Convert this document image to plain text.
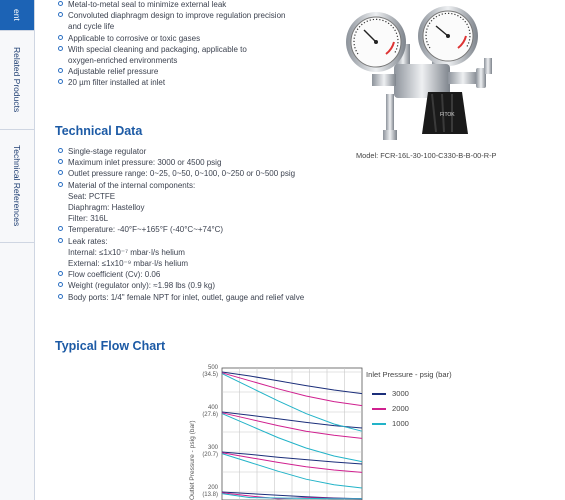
ent
Related Products
Technical References
Metal-to-metal seal to minimize external leak
Convoluted diaphragm design to improve regulation precision
and cycle life
Applicable to corrosive or toxic gases
With special cleaning and packaging, applicable to
oxygen-enriched environments
Adjustable relief pressure
20 µm filter installed at inlet
FITOK
Model: FCR-16L-30-100-C330-B-B-00-R-P
Technical Data
Single-stage regulator
Maximum inlet pressure: 3000 or 4500 psig
Outlet pressure range: 0~25, 0~50, 0~100, 0~250 or 0~500 psig
Material of the internal components:
Seat: PCTFE
Diaphragm: Hastelloy
Filter: 316L
Temperature: -40°F~+165°F (-40°C~+74°C)
Leak rates:
Internal: ≤1x10⁻⁷ mbar·l/s helium
External: ≤1x10⁻⁹ mbar·l/s helium
Flow coefficient (Cv): 0.06
Weight (regulator only): ≈1.98 lbs (0.9 kg)
Body ports: 1/4" female NPT for inlet, outlet, gauge and relief valve
Typical Flow Chart
500
(34.5)
400
(27.6)
300
(20.7)
200
(13.8)
Outlet Pressure - psig (bar)
Inlet Pressure - psig (bar)
3000
2000
1000
